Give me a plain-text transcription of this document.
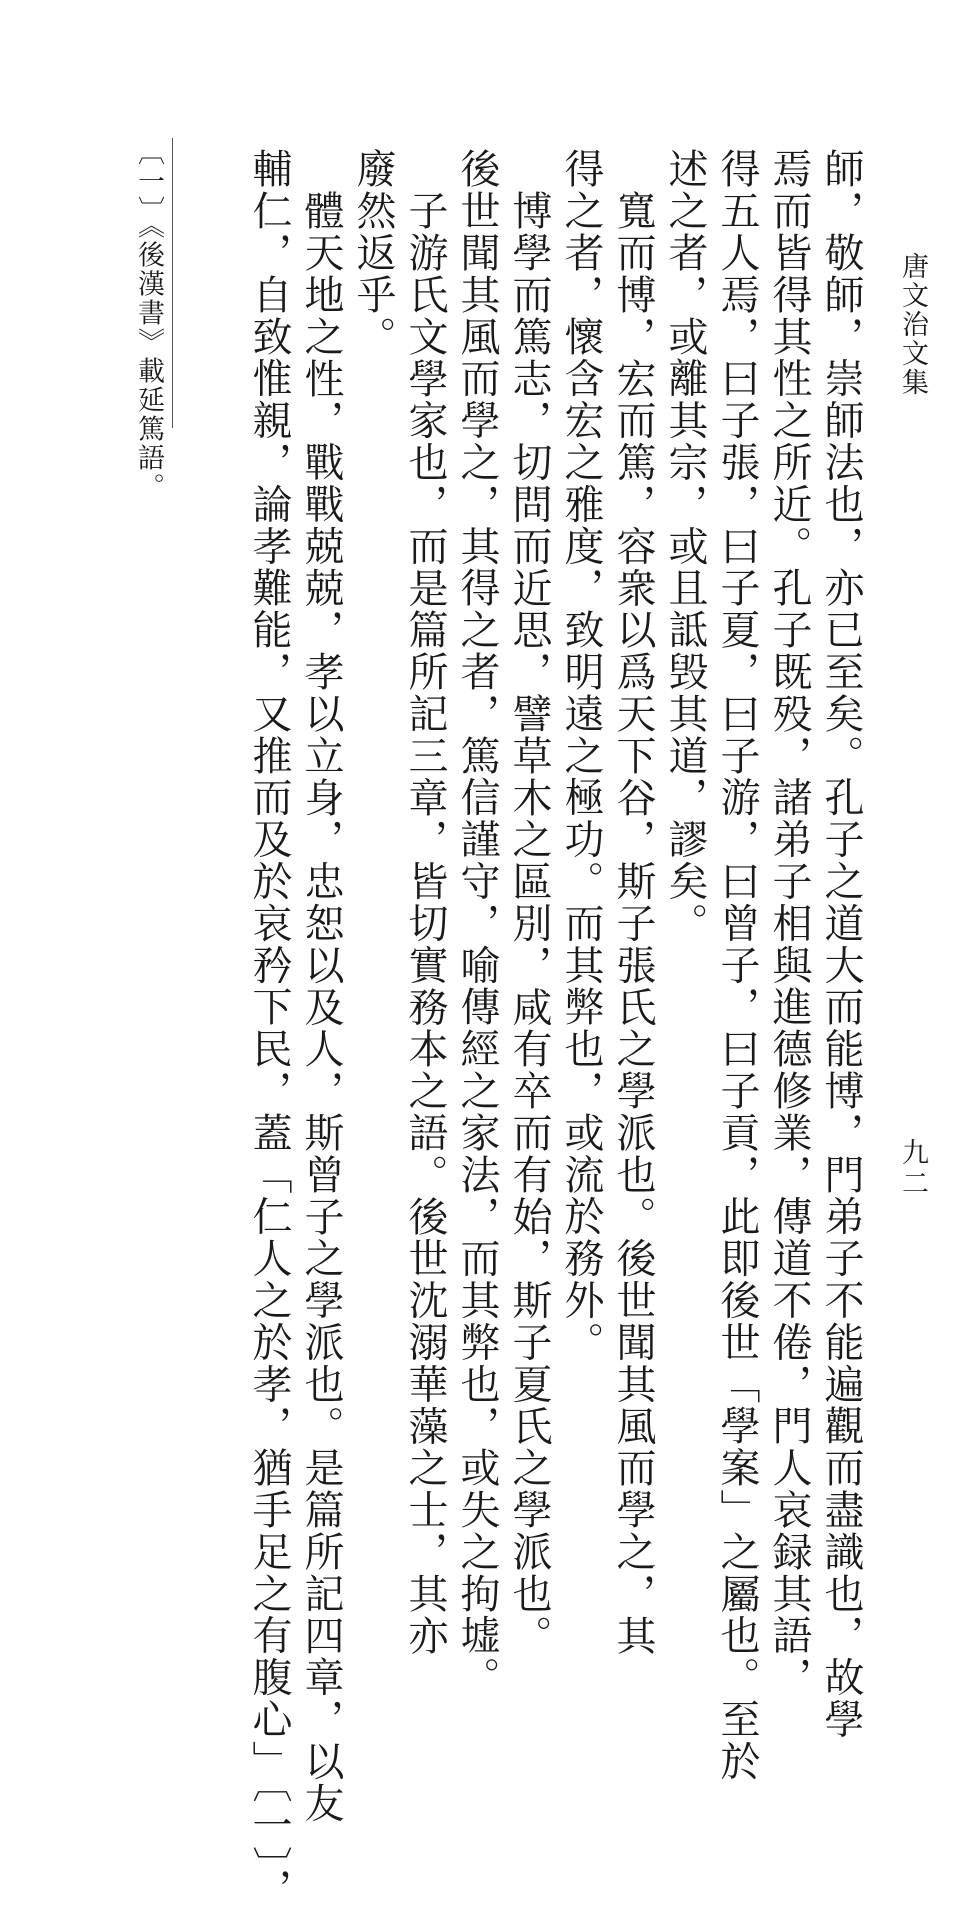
唐文治文集
九二
師，敬師，崇師法也，亦已至矣。孔子之道大而能博，門弟子不能遍觀而盡識也，故學
焉而皆得其性之所近。孔子既殁，諸弟子相與進德修業，傳道不倦，門人哀録其語，
得五人焉，曰子張，曰子夏，曰子游，曰曾子，曰子貢，此即後世「學案」之屬也。至於
述之者，或離其宗，或且詆毁其道，謬矣。
寬而博，宏而篤，容衆以爲天下谷，斯子張氏之學派也。後世聞其風而學之，其
得之者，懷含宏之雅度，致明遠之極功。而其弊也，或流於務外。
博學而篤志，切問而近思，譬草木之區別，咸有卒而有始，斯子夏氏之學派也。
後世聞其風而學之，其得之者，篤信謹守，喻傳經之家法，而其弊也，或失之拘墟。
子游氏文學家也，而是篇所記三章，皆切實務本之語。後世沈溺華藻之士，其亦
廢然返乎。
體天地之性，戰戰兢兢，孝以立身，忠恕以及人，斯曾子之學派也。是篇所記四章，以友
輔仁，自致惟親，論孝難能，又推而及於哀矜下民，蓋「仁人之於孝，猶手足之有腹心」〔一〕，
〔一〕《後漢書》載延篤語。
